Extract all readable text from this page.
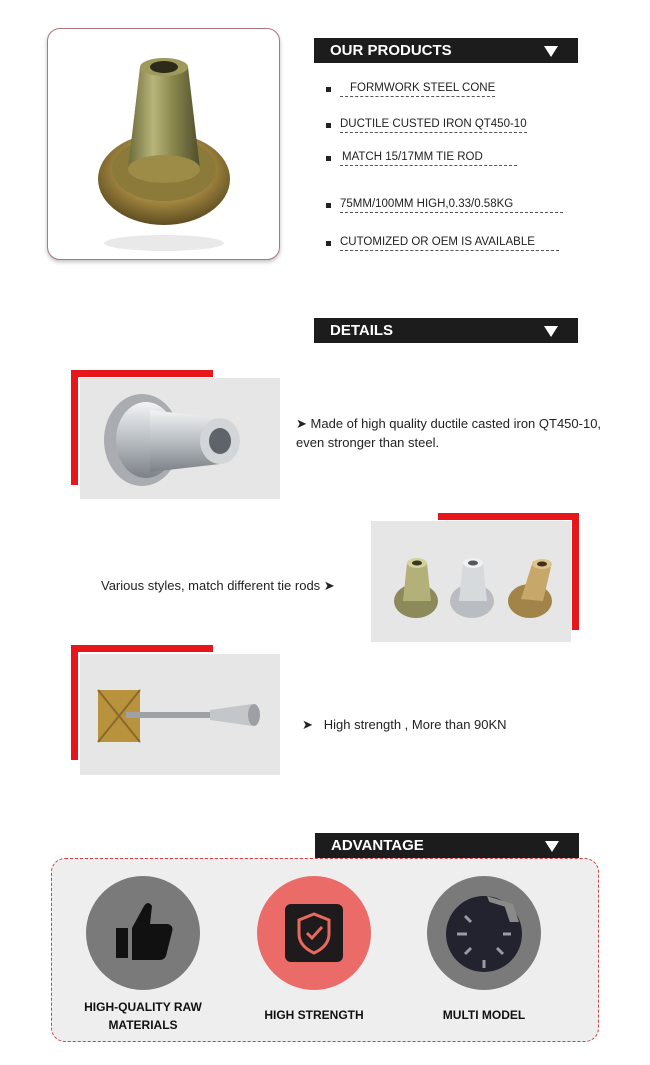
OUR PRODUCTS
FORMWORK STEEL CONE
DUCTILE CUSTED IRON QT450-10
MATCH 15/17MM TIE ROD
75MM/100MM HIGH,0.33/0.58KG
CUTOMIZED OR OEM IS AVAILABLE
DETAILS
➤ Made of high quality ductile casted iron QT450-10, even stronger than steel.
Various styles, match different tie rods ➤
➤ High strength , More than 90KN
ADVANTAGE
HIGH-QUALITY RAW MATERIALS
HIGH STRENGTH	MULTI MODEL
